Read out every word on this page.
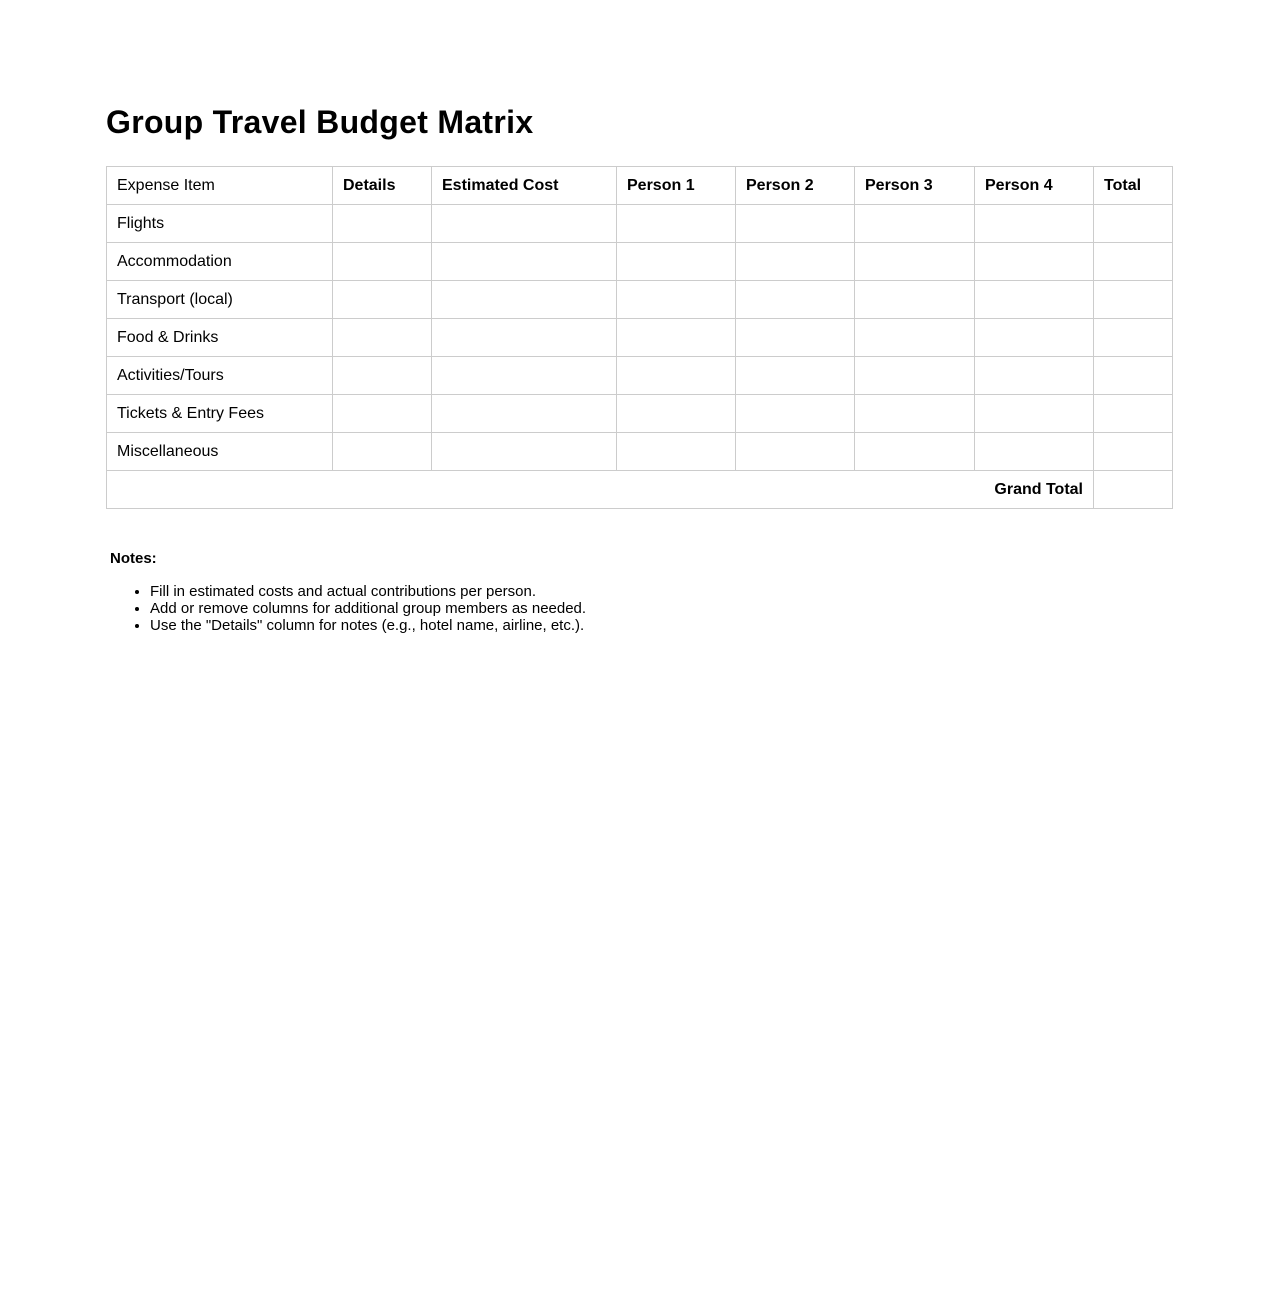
Group Travel Budget Matrix
Expense Item	Details	Estimated Cost	Person 1	Person 2	Person 3	Person 4	Total
Flights							
Accommodation							
Transport (local)							
Food & Drinks							
Activities/Tours							
Tickets & Entry Fees							
Miscellaneous							
Grand Total							

Notes:

• Fill in estimated costs and actual contributions per person.
• Add or remove columns for additional group members as needed.
• Use the "Details" column for notes (e.g., hotel name, airline, etc.).
